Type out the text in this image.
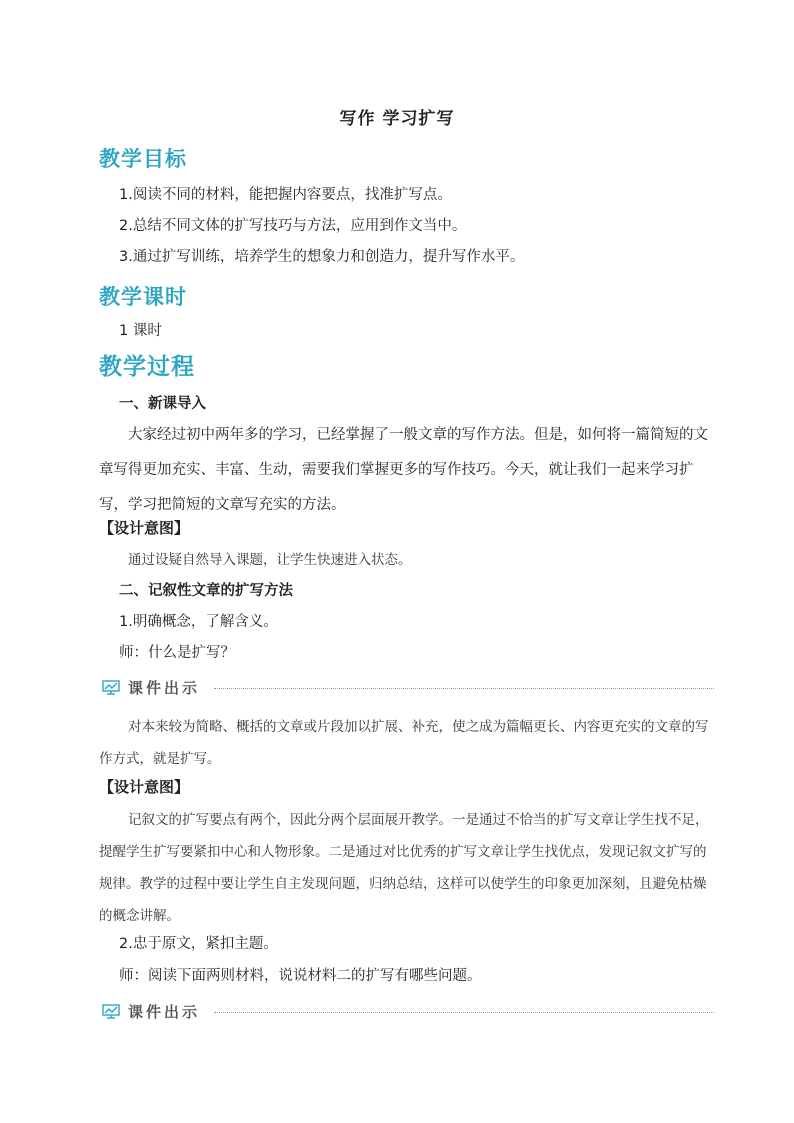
写作 学习扩写
教学目标
1.阅读不同的材料，能把握内容要点，找准扩写点。
2.总结不同文体的扩写技巧与方法，应用到作文当中。
3.通过扩写训练，培养学生的想象力和创造力，提升写作水平。
教学课时
1 课时
教学过程
一、新课导入
大家经过初中两年多的学习，已经掌握了一般文章的写作方法。但是，如何将一篇简短的文章写得更加充实、丰富、生动，需要我们掌握更多的写作技巧。今天，就让我们一起来学习扩写，学习把简短的文章写充实的方法。
【设计意图】
通过设疑自然导入课题，让学生快速进入状态。
二、记叙性文章的扩写方法
1.明确概念，了解含义。
师：什么是扩写？
课件出示
对本来较为简略、概括的文章或片段加以扩展、补充，使之成为篇幅更长、内容更充实的文章的写作方式，就是扩写。
【设计意图】
记叙文的扩写要点有两个，因此分两个层面展开教学。一是通过不恰当的扩写文章让学生找不足，提醒学生扩写要紧扣中心和人物形象。二是通过对比优秀的扩写文章让学生找优点，发现记叙文扩写的规律。教学的过程中要让学生自主发现问题，归纳总结，这样可以使学生的印象更加深刻，且避免枯燥的概念讲解。
2.忠于原文，紧扣主题。
师：阅读下面两则材料，说说材料二的扩写有哪些问题。
课件出示
